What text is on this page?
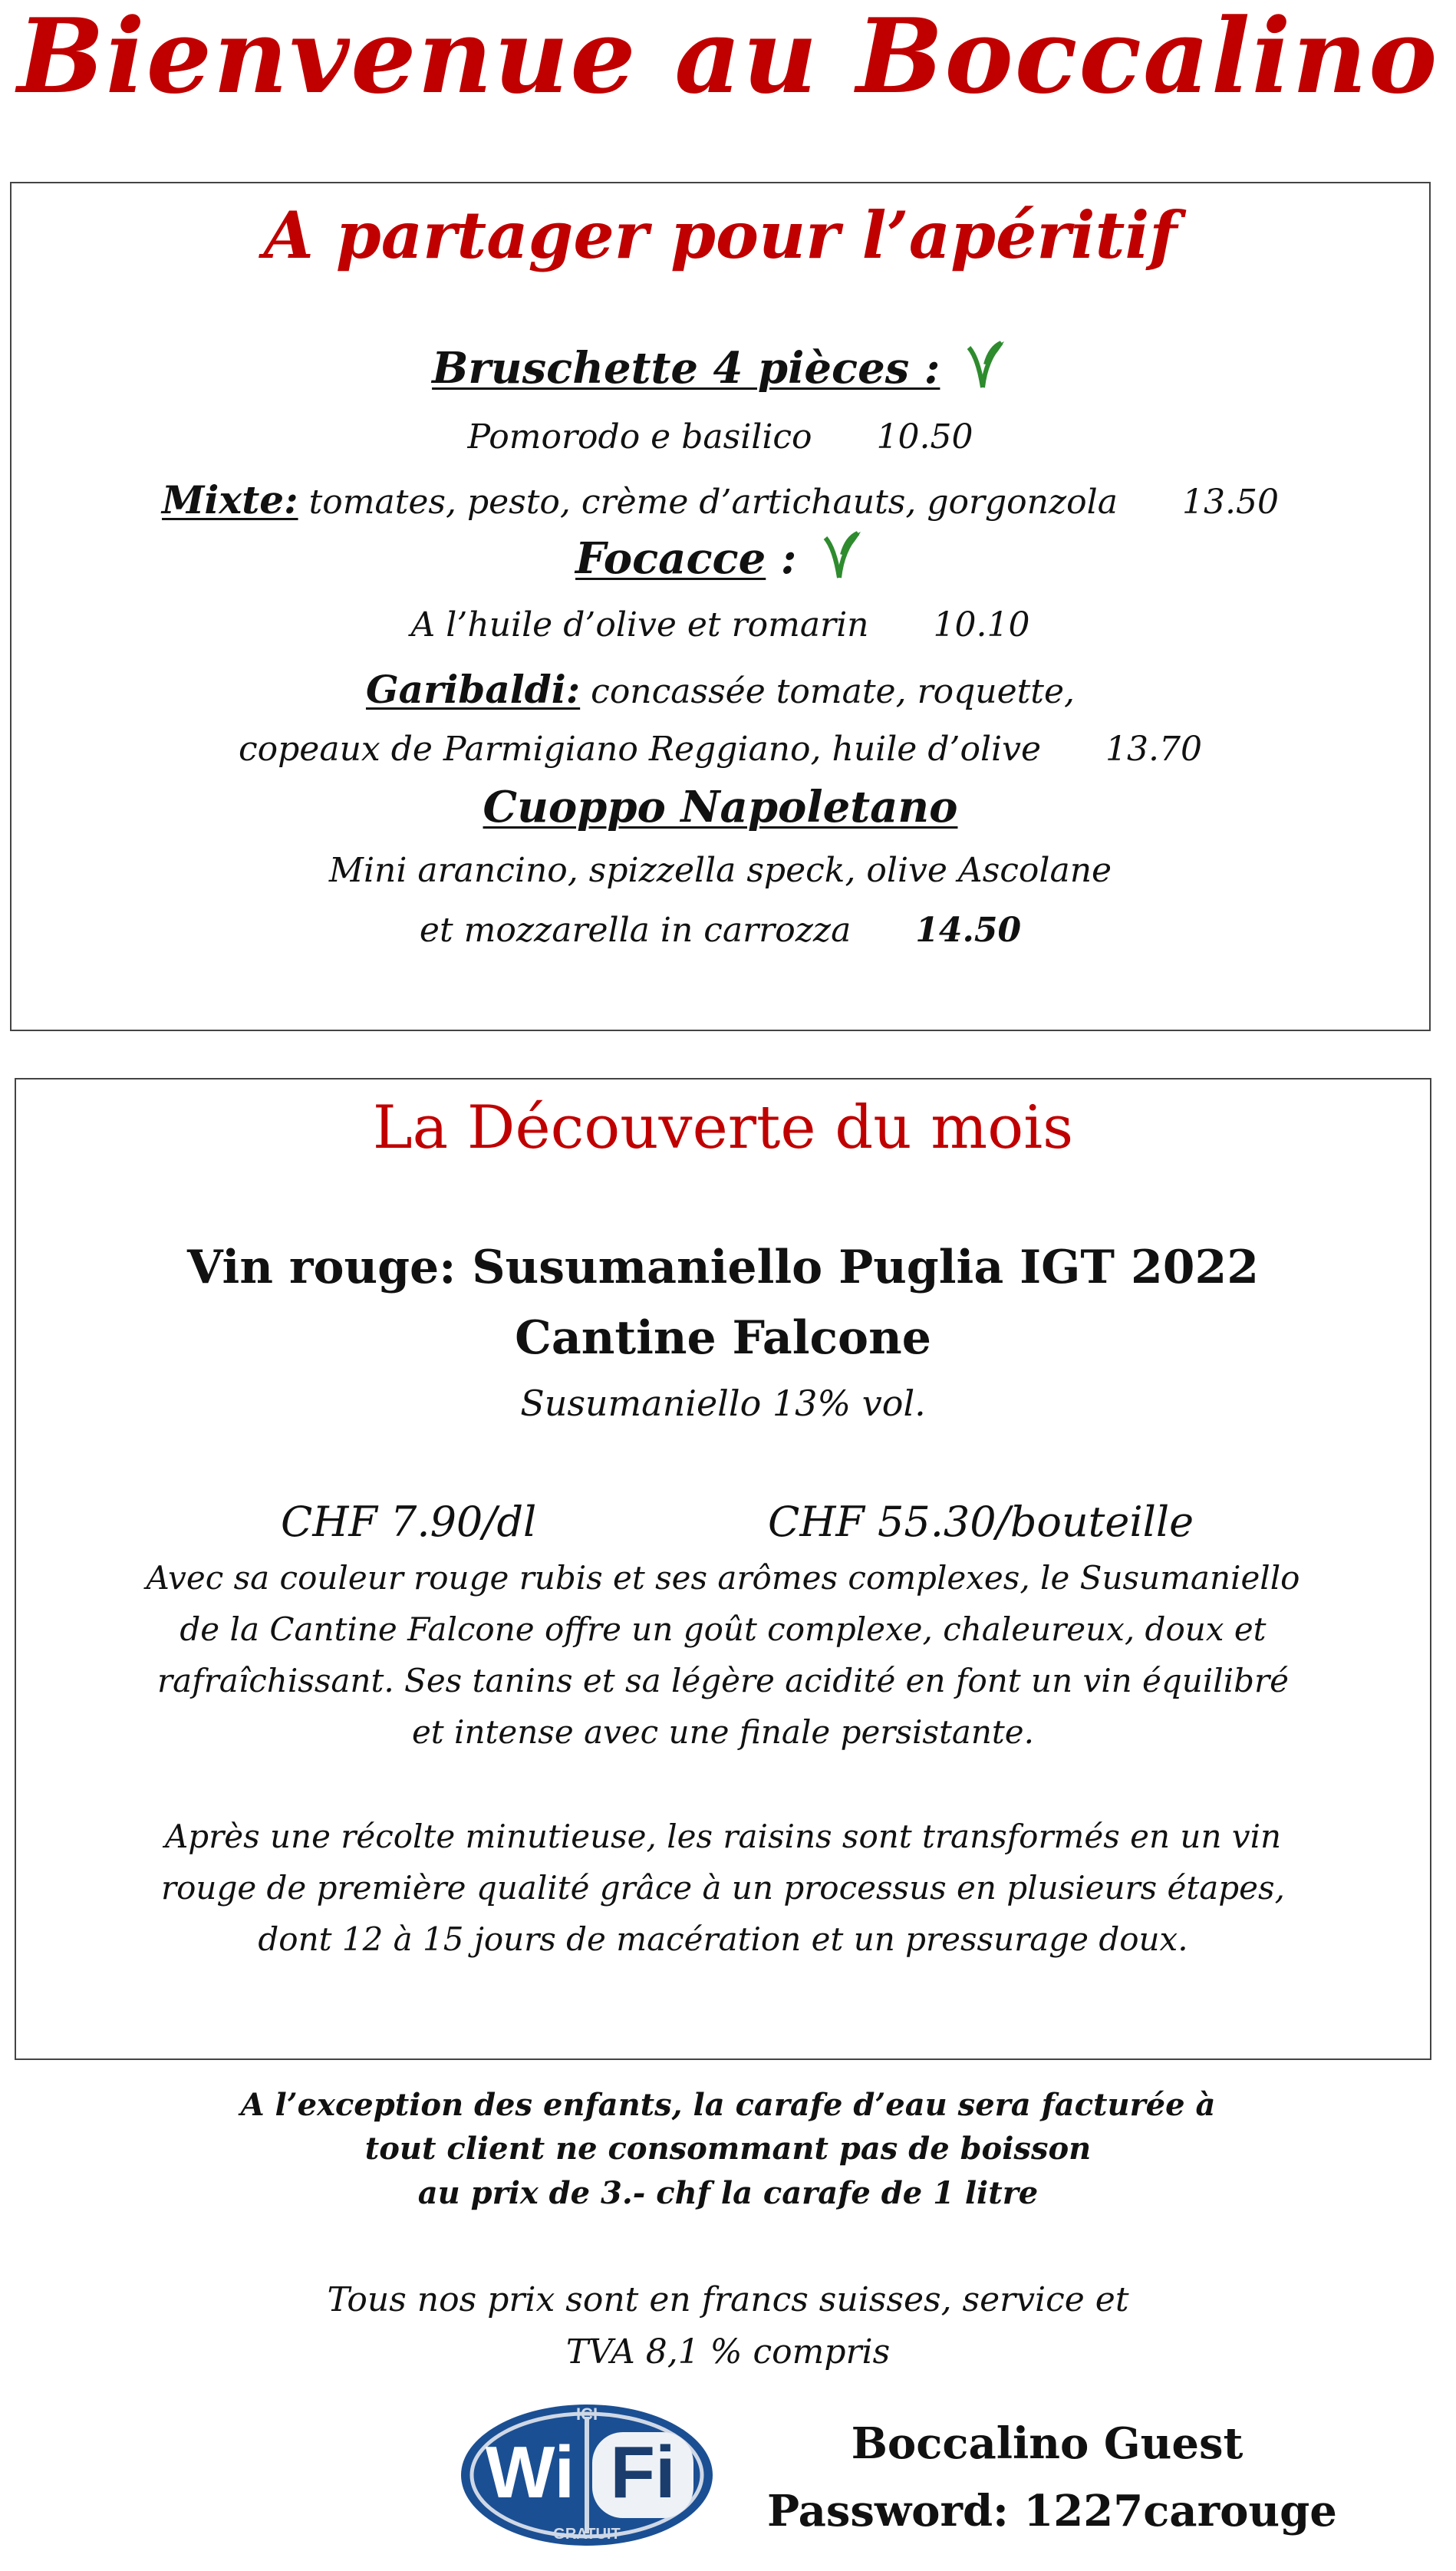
Bienvenue au Boccalino
A partager pour l’apéritif
Bruschette 4 pièces :
Pomorodo e basilico 10.50
Mixte: tomates, pesto, crème d’artichauts, gorgonzola 13.50
Focacce :
A l’huile d’olive et romarin 10.10
Garibaldi: concassée tomate, roquette,
copeaux de Parmigiano Reggiano, huile d’olive 13.70
Cuoppo Napoletano
Mini arancino, spizzella speck, olive Ascolane
et mozzarella in carrozza 14.50
La Découverte du mois
Vin rouge: Susumaniello Puglia IGT 2022
Cantine Falcone
Susumaniello 13% vol.
CHF 7.90/dl	CHF 55.30/bouteille
Avec sa couleur rouge rubis et ses arômes complexes, le Susumaniello
de la Cantine Falcone offre un goût complexe, chaleureux, doux et
rafraîchissant. Ses tanins et sa légère acidité en font un vin équilibré
et intense avec une finale persistante.
Après une récolte minutieuse, les raisins sont transformés en un vin
rouge de première qualité grâce à un processus en plusieurs étapes,
dont 12 à 15 jours de macération et un pressurage doux.
A l’exception des enfants, la carafe d’eau sera facturée à
tout client ne consommant pas de boisson
au prix de 3.- chf la carafe de 1 litre
Tous nos prix sont en francs suisses, service et
TVA 8,1 % compris
ICI
Wi Fi
GRATUIT
Boccalino Guest
Password: 1227carouge
